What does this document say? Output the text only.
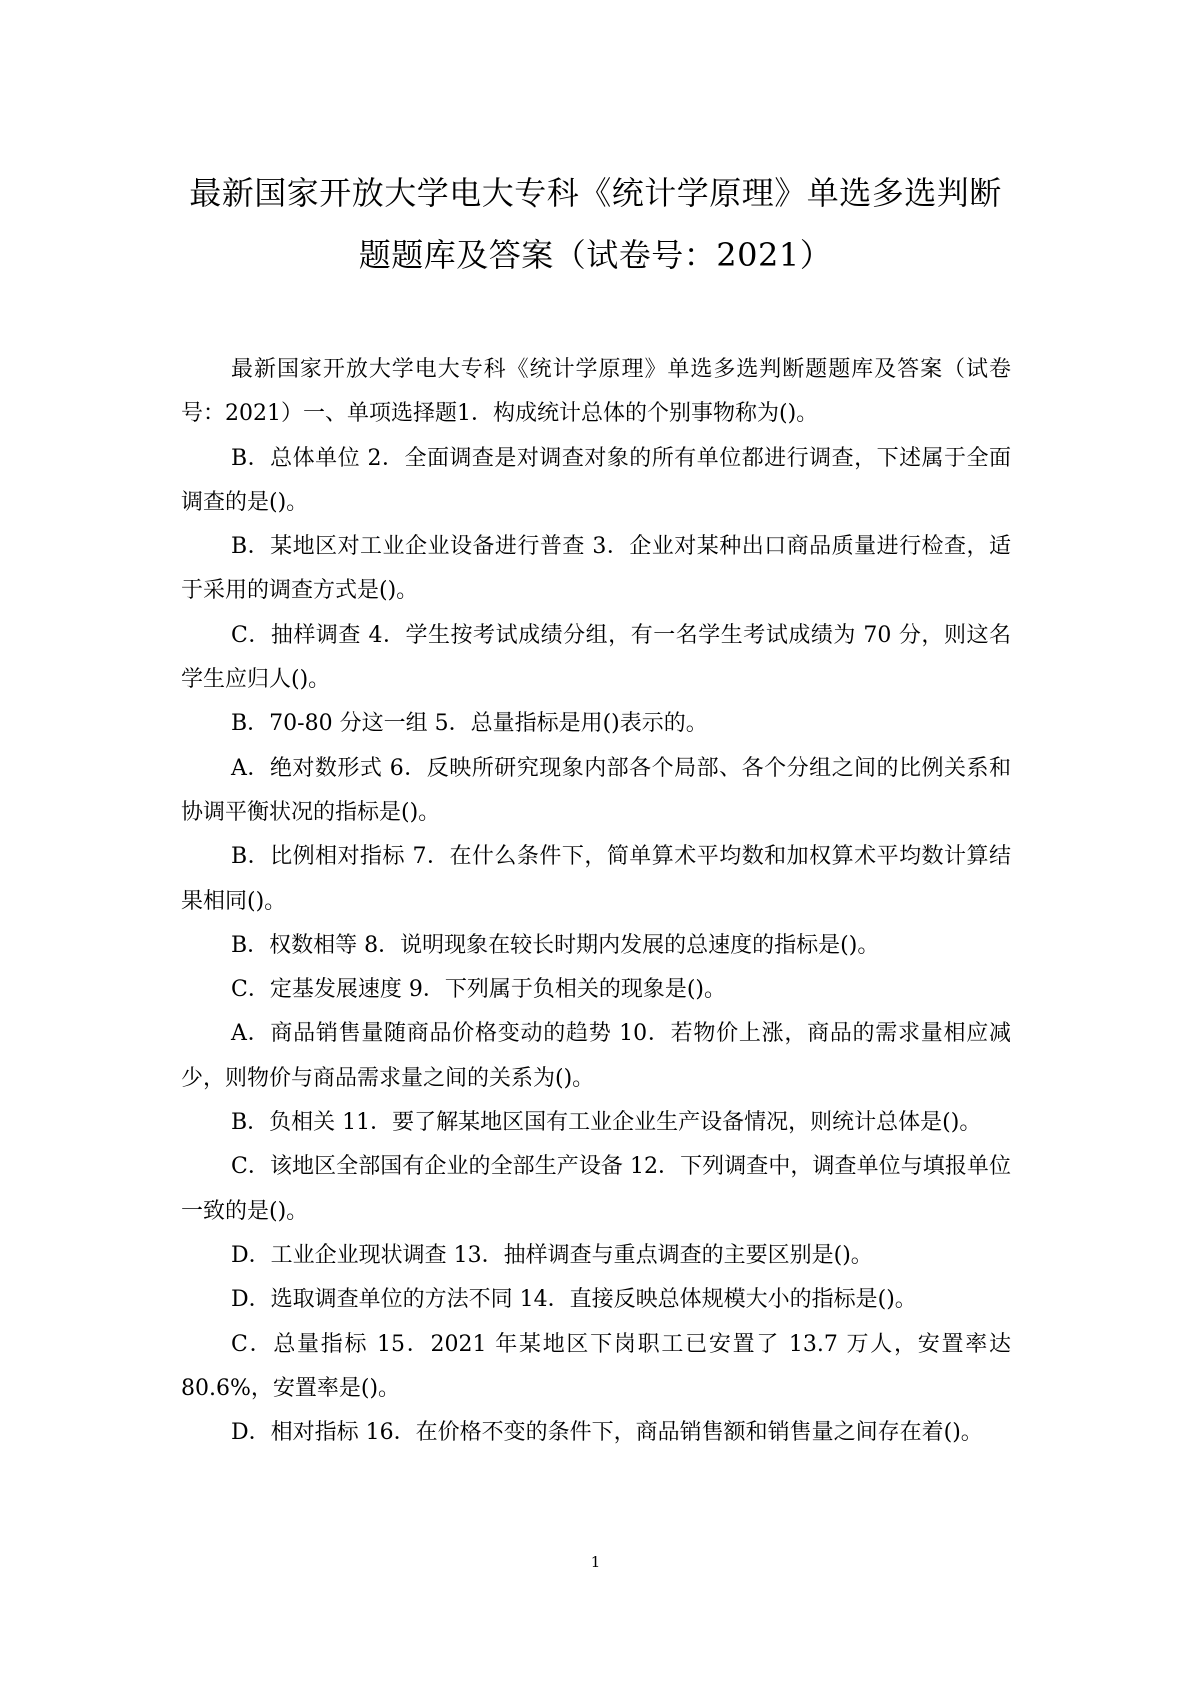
最新国家开放大学电大专科《统计学原理》单选多选判断
题题库及答案（试卷号：2021）

最新国家开放大学电大专科《统计学原理》单选多选判断题题库及答案（试卷号：2021）一、单项选择题1．构成统计总体的个别事物称为()。

B．总体单位 2．全面调查是对调查对象的所有单位都进行调查，下述属于全面调查的是()。

B．某地区对工业企业设备进行普查 3．企业对某种出口商品质量进行检查，适于采用的调查方式是()。

C．抽样调查 4．学生按考试成绩分组，有一名学生考试成绩为 70 分，则这名学生应归人()。

B．70-80 分这一组 5．总量指标是用()表示的。

A．绝对数形式 6．反映所研究现象内部各个局部、各个分组之间的比例关系和协调平衡状况的指标是()。

B．比例相对指标 7．在什么条件下，简单算术平均数和加权算术平均数计算结果相同()。

B．权数相等 8．说明现象在较长时期内发展的总速度的指标是()。

C．定基发展速度 9．下列属于负相关的现象是()。

A．商品销售量随商品价格变动的趋势 10．若物价上涨，商品的需求量相应减少，则物价与商品需求量之间的关系为()。

B．负相关 11．要了解某地区国有工业企业生产设备情况，则统计总体是()。

C．该地区全部国有企业的全部生产设备 12．下列调查中，调查单位与填报单位一致的是()。

D．工业企业现状调查 13．抽样调查与重点调查的主要区别是()。

D．选取调查单位的方法不同 14．直接反映总体规模大小的指标是()。

C．总量指标 15．2021 年某地区下岗职工已安置了 13.7 万人，安置率达 80.6%，安置率是()。

D．相对指标 16．在价格不变的条件下，商品销售额和销售量之间存在着()。

1
